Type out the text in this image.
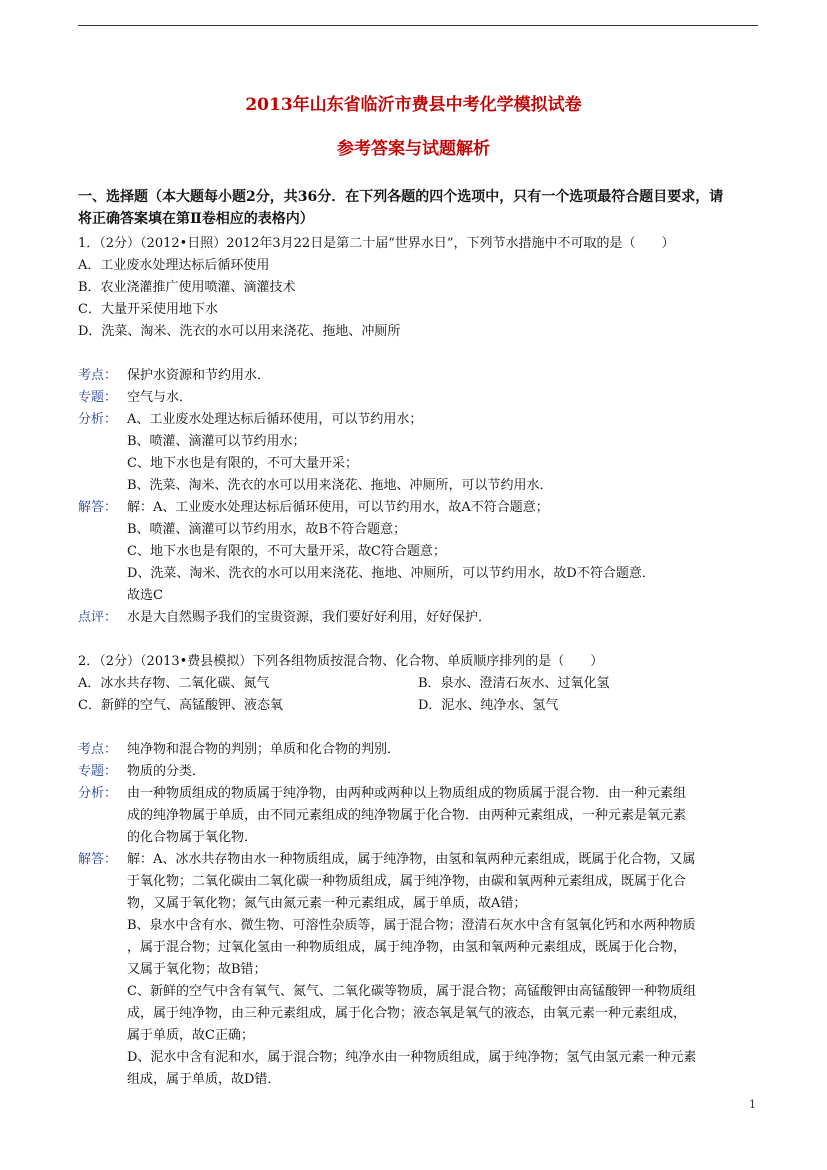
2013年山东省临沂市费县中考化学模拟试卷
参考答案与试题解析
一、选择题（本大题每小题2分，共36分．在下列各题的四个选项中，只有一个选项最符合题目要求，请
将正确答案填在第Ⅱ卷相应的表格内）
1．（2分）（2012•日照）2012年3月22日是第二十届“世界水日”，下列节水措施中不可取的是（　　）
A．工业废水处理达标后循环使用
B．农业浇灌推广使用喷灌、滴灌技术
C．大量开采使用地下水
D．洗菜、淘米、洗衣的水可以用来浇花、拖地、冲厕所
考点： 保护水资源和节约用水．
专题： 空气与水．
分析： A、工业废水处理达标后循环使用，可以节约用水；
B、喷灌、滴灌可以节约用水；
C、地下水也是有限的，不可大量开采；
B、洗菜、淘米、洗衣的水可以用来浇花、拖地、冲厕所，可以节约用水．
解答： 解：A、工业废水处理达标后循环使用，可以节约用水，故A不符合题意；
B、喷灌、滴灌可以节约用水，故B不符合题意；
C、地下水也是有限的，不可大量开采，故C符合题意；
D、洗菜、淘米、洗衣的水可以用来浇花、拖地、冲厕所，可以节约用水，故D不符合题意．
故选C
点评： 水是大自然赐予我们的宝贵资源，我们要好好利用，好好保护．
2．（2分）（2013•费县模拟）下列各组物质按混合物、化合物、单质顺序排列的是（　　）
A．冰水共存物、二氧化碳、氮气	B．泉水、澄清石灰水、过氧化氢
C．新鲜的空气、高锰酸钾、液态氧	D．泥水、纯净水、氢气
考点： 纯净物和混合物的判别；单质和化合物的判别．
专题： 物质的分类．
分析： 由一种物质组成的物质属于纯净物，由两种或两种以上物质组成的物质属于混合物．由一种元素组
成的纯净物属于单质，由不同元素组成的纯净物属于化合物．由两种元素组成，一种元素是氧元素
的化合物属于氧化物．
解答： 解：A、冰水共存物由水一种物质组成，属于纯净物，由氢和氧两种元素组成，既属于化合物，又属
于氧化物；二氧化碳由二氧化碳一种物质组成，属于纯净物，由碳和氧两种元素组成，既属于化合
物，又属于氧化物；氮气由氮元素一种元素组成，属于单质，故A错；
B、泉水中含有水、微生物、可溶性杂质等，属于混合物；澄清石灰水中含有氢氧化钙和水两种物质
，属于混合物；过氧化氢由一种物质组成，属于纯净物，由氢和氧两种元素组成，既属于化合物，
又属于氧化物；故B错；
C、新鲜的空气中含有氧气、氮气、二氧化碳等物质，属于混合物；高锰酸钾由高锰酸钾一种物质组
成，属于纯净物，由三种元素组成，属于化合物；液态氧是氧气的液态，由氧元素一种元素组成，
属于单质，故C正确；
D、泥水中含有泥和水，属于混合物；纯净水由一种物质组成，属于纯净物；氢气由氢元素一种元素
组成，属于单质，故D错．
1
